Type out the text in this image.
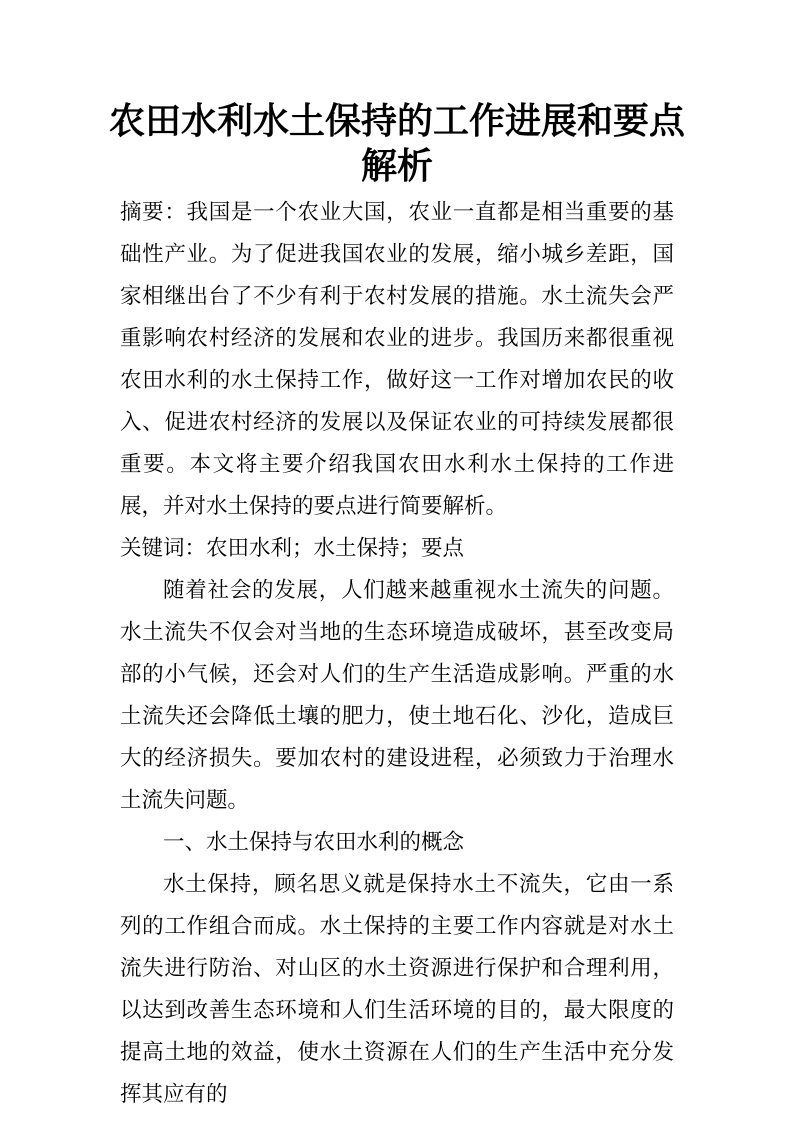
农田水利水土保持的工作进展和要点解析

摘要：我国是一个农业大国，农业一直都是相当重要的基础性产业。为了促进我国农业的发展，缩小城乡差距，国家相继出台了不少有利于农村发展的措施。水土流失会严重影响农村经济的发展和农业的进步。我国历来都很重视农田水利的水土保持工作，做好这一工作对增加农民的收入、促进农村经济的发展以及保证农业的可持续发展都很重要。本文将主要介绍我国农田水利水土保持的工作进展，并对水土保持的要点进行简要解析。

关键词：农田水利；水土保持；要点

随着社会的发展，人们越来越重视水土流失的问题。水土流失不仅会对当地的生态环境造成破坏，甚至改变局部的小气候，还会对人们的生产生活造成影响。严重的水土流失还会降低土壤的肥力，使土地石化、沙化，造成巨大的经济损失。要加农村的建设进程，必须致力于治理水土流失问题。

一、水土保持与农田水利的概念

水土保持，顾名思义就是保持水土不流失，它由一系列的工作组合而成。水土保持的主要工作内容就是对水土流失进行防治、对山区的水土资源进行保护和合理利用，以达到改善生态环境和人们生活环境的目的，最大限度的提高土地的效益，使水土资源在人们的生产生活中充分发挥其应有的
